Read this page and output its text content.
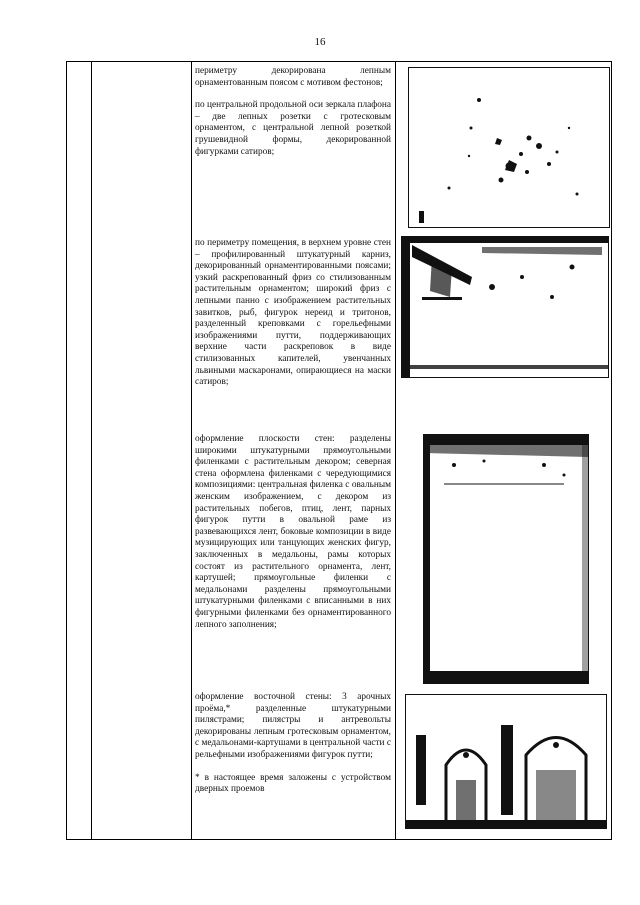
16

периметру декорирована лепным орнаментованным поясом с мотивом фестонов;

по центральной продольной оси зеркала плафона – две лепных розетки с гротесковым орнаментом, с центральной лепной розеткой грушевидной формы, декорированной фигурками сатиров;

по периметру помещения, в верхнем уровне стен – профилированный штукатурный карниз, декорированный орнаментированными поясами; узкий раскрепованный фриз со стилизованным растительным орнаментом; широкий фриз с лепными панно с изображением растительных завитков, рыб, фигурок нереид и тритонов, разделенный креповками с горельефными изображениями путти, поддерживающих верхние части раскреповок в виде стилизованных капителей, увенчанных львиными маскаронами, опирающиеся на маски сатиров;

оформление плоскости стен: разделены широкими штукатурными прямоугольными филенками с растительным декором; северная стена оформлена филенками с чередующимися композициями: центральная филенка с овальным женским изображением, с декором из растительных побегов, птиц, лент, парных фигурок путти в овальной раме из развевающихся лент, боковые композиции в виде музицирующих или танцующих женских фигур, заключенных в медальоны, рамы которых состоят из растительного орнамента, лент, картушей; прямоугольные филенки с медальонами разделены прямоугольными штукатурными филенками с вписанными в них фигурными филенками без орнаментированного лепного заполнения;

оформление восточной стены: 3 арочных проёма,* разделенные штукатурными пилястрами; пилястры и антревольты декорированы лепным гротесковым орнаментом, с медальонами-картушами в центральной части с рельефными изображениями фигурок путти;

* в настоящее время заложены с устройством дверных проемов
